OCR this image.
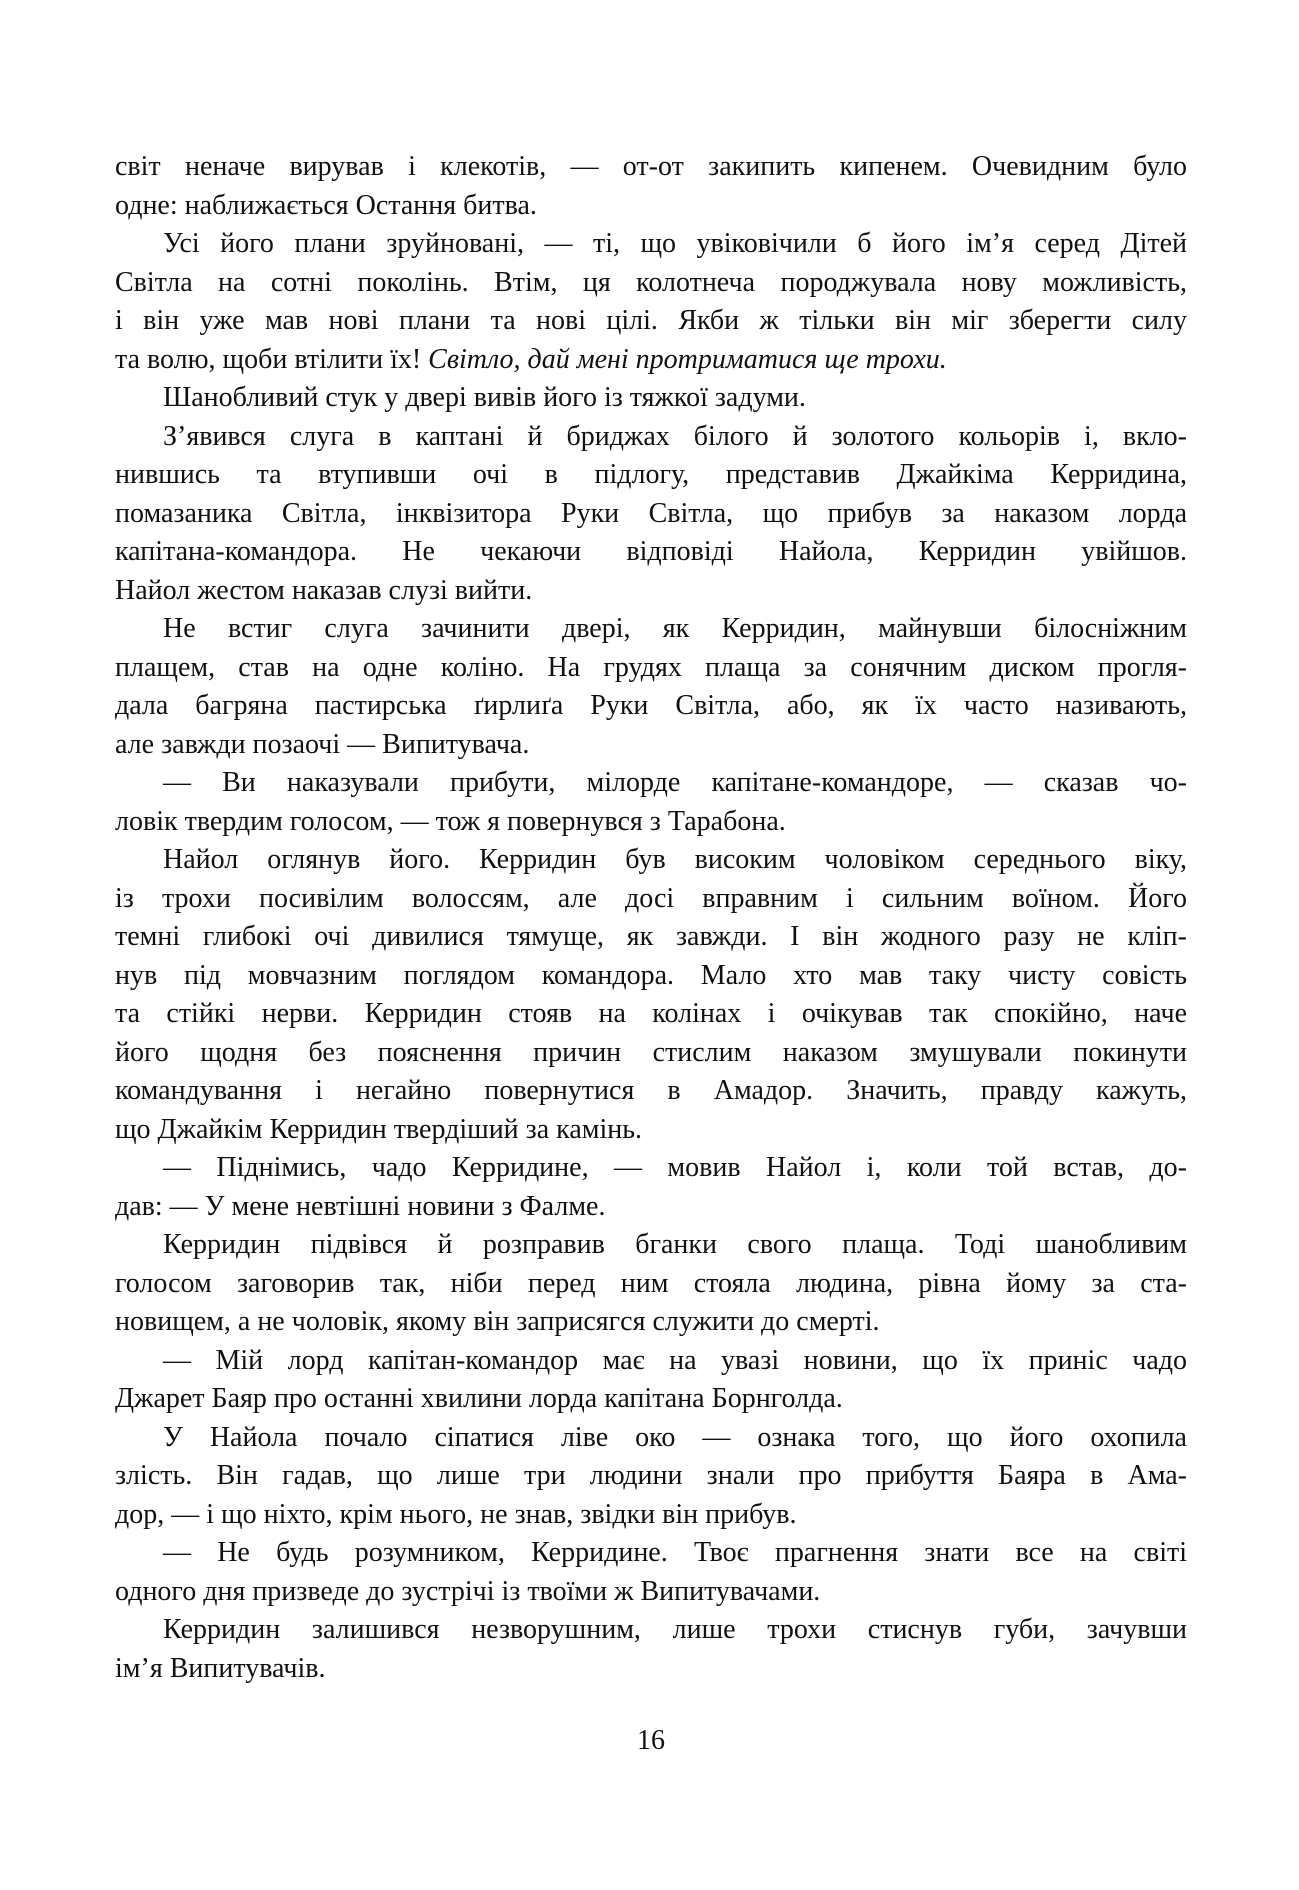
світ неначе вирував і клекотів, — от-от закипить кипенем. Очевидним було
одне: наближається Остання битва.

Усі його плани зруйновані, — ті, що увіковічили б його ім’я серед Дітей
Світла на сотні поколінь. Втім, ця колотнеча породжувала нову можливість,
і він уже мав нові плани та нові цілі. Якби ж тільки він міг зберегти силу
та волю, щоби втілити їх! Світло, дай мені протриматися ще трохи.

Шанобливий стук у двері вивів його із тяжкої задуми.

З’явився слуга в каптані й бриджах білого й золотого кольорів і, вкло-
нившись та втупивши очі в підлогу, представив Джайкіма Керридина,
помазаника Світла, інквізитора Руки Світла, що прибув за наказом лорда
капітана-командора. Не чекаючи відповіді Найола, Керридин увійшов.
Найол жестом наказав слузі вийти.

Не встиг слуга зачинити двері, як Керридин, майнувши білосніжним
плащем, став на одне коліно. На грудях плаща за сонячним диском прогля-
дала багряна пастирська ґирлиґа Руки Світла, або, як їх часто називають,
але завжди позаочі — Випитувача.

— Ви наказували прибути, мілорде капітане-командоре, — сказав чо-
ловік твердим голосом, — тож я повернувся з Тарабона.

Найол оглянув його. Керридин був високим чоловіком середнього віку,
із трохи посивілим волоссям, але досі вправним і сильним воїном. Його
темні глибокі очі дивилися тямуще, як завжди. І він жодного разу не кліп-
нув під мовчазним поглядом командора. Мало хто мав таку чисту совість
та стійкі нерви. Керридин стояв на колінах і очікував так спокійно, наче
його щодня без пояснення причин стислим наказом змушували покинути
командування і негайно повернутися в Амадор. Значить, правду кажуть,
що Джайкім Керридин твердіший за камінь.

— Піднімись, чадо Керридине, — мовив Найол і, коли той встав, до-
дав: — У мене невтішні новини з Фалме.

Керридин підвівся й розправив бганки свого плаща. Тоді шанобливим
голосом заговорив так, ніби перед ним стояла людина, рівна йому за ста-
новищем, а не чоловік, якому він заприсягся служити до смерті.

— Мій лорд капітан-командор має на увазі новини, що їх приніс чадо
Джарет Баяр про останні хвилини лорда капітана Борнголда.

У Найола почало сіпатися ліве око — ознака того, що його охопила
злість. Він гадав, що лише три людини знали про прибуття Баяра в Ама-
дор, — і що ніхто, крім нього, не знав, звідки він прибув.

— Не будь розумником, Керридине. Твоє прагнення знати все на світі
одного дня призведе до зустрічі із твоїми ж Випитувачами.

Керридин залишився незворушним, лише трохи стиснув губи, зачувши
ім’я Випитувачів.

16
